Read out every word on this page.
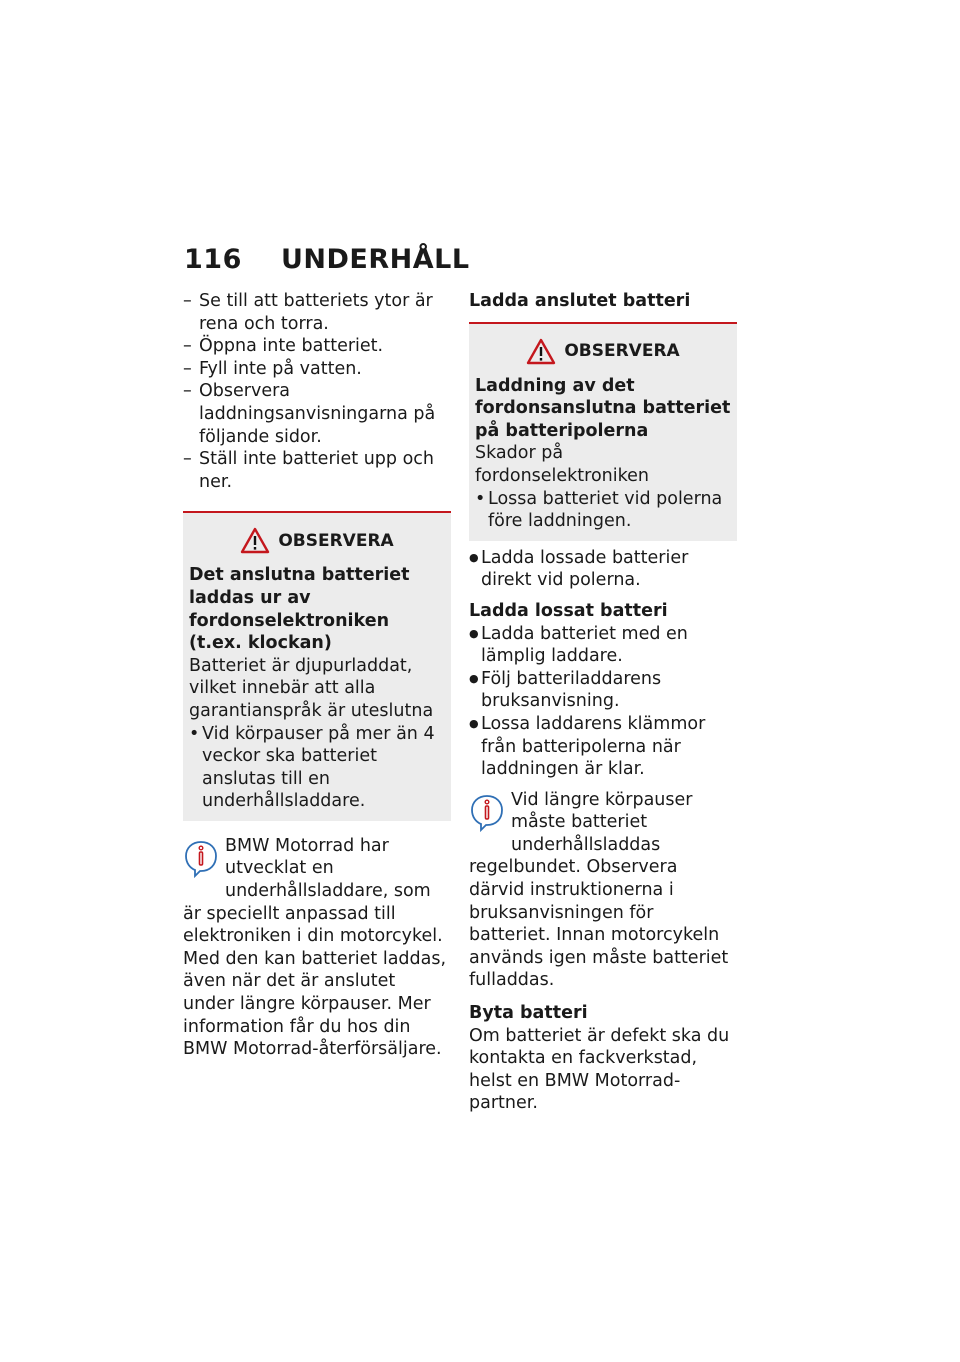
116 UNDERHÅLL
– Se till att batteriets ytor är rena och torra.
– Öppna inte batteriet.
– Fyll inte på vatten.
– Observera laddningsanvisningarna på följande sidor.
– Ställ inte batteriet upp och ner.
OBSERVERA

Det anslutna batteriet laddas ur av fordonselektroniken (t.ex. klockan)

Batteriet är djupurladdat, vilket innebär att alla garantianspråk är uteslutna

• Vid körpauser på mer än 4 veckor ska batteriet anslutas till en underhållsladdare.

BMW Motorrad har utvecklat en underhållsladdare, som är speciellt anpassad till elektroniken i din motorcykel. Med den kan batteriet laddas, även när det är anslutet under längre körpauser. Mer information får du hos din BMW Motorrad-återförsäljare.

Ladda anslutet batteri
OBSERVERA

Laddning av det fordonsanslutna batteriet på batteripolerna

Skador på fordonselektroniken

• Lossa batteriet vid polerna före laddningen.
● Ladda lossade batterier direkt vid polerna.
Ladda lossat batteri
● Ladda batteriet med en lämplig laddare.
● Följ batteriladdarens bruksanvisning.
● Lossa laddarens klämmor från batteripolerna när laddningen är klar.

Vid längre körpauser måste batteriet underhållsladdas regelbundet. Observera därvid instruktionerna i bruksanvisningen för batteriet. Innan motorcykeln används igen måste batteriet fulladdas.

Byta batteri

Om batteriet är defekt ska du kontakta en fackverkstad, helst en BMW Motorrad-partner.
